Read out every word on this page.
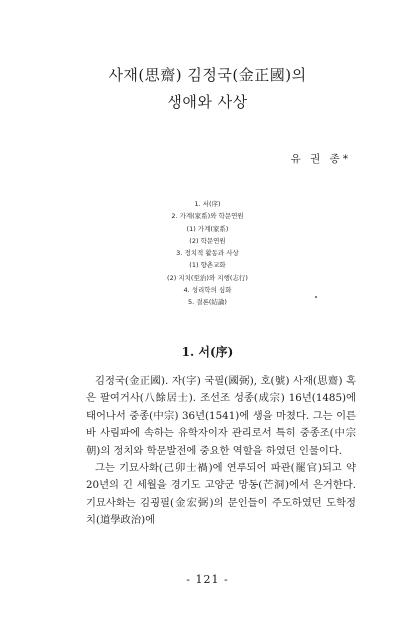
사재(思齋) 김정국(金正國)의
생애와 사상
유 권 종*
1. 서(序)
2. 가계(家系)와 학문연원
(1) 가계(家系)
(2) 학문연원
3. 정치적 활동과 사상
(1) 향촌교화
(2) 지치(至治)와 지행(志行)
4. 성리학의 심화
5. 결론(結論)
1. 서(序)

김정국(金正國). 자(字) 국필(國弼), 호(號) 사재(思齋) 혹은 팔여거사(八餘居士). 조선조 성종(成宗) 16년(1485)에 태어나서 중종(中宗) 36년(1541)에 생을 마쳤다. 그는 이른바 사림파에 속하는 유학자이자 관리로서 특히 중종조(中宗朝)의 정치와 학문발전에 중요한 역할을 하였던 인물이다.

그는 기묘사화(己卯士禍)에 연루되어 파관(罷官)되고 약 20년의 긴 세월을 경기도 고양군 망동(芒洞)에서 은거한다. 기묘사화는 김굉필(金宏弼)의 문인들이 주도하였던 도학정치(道學政治)에

- 121 -
